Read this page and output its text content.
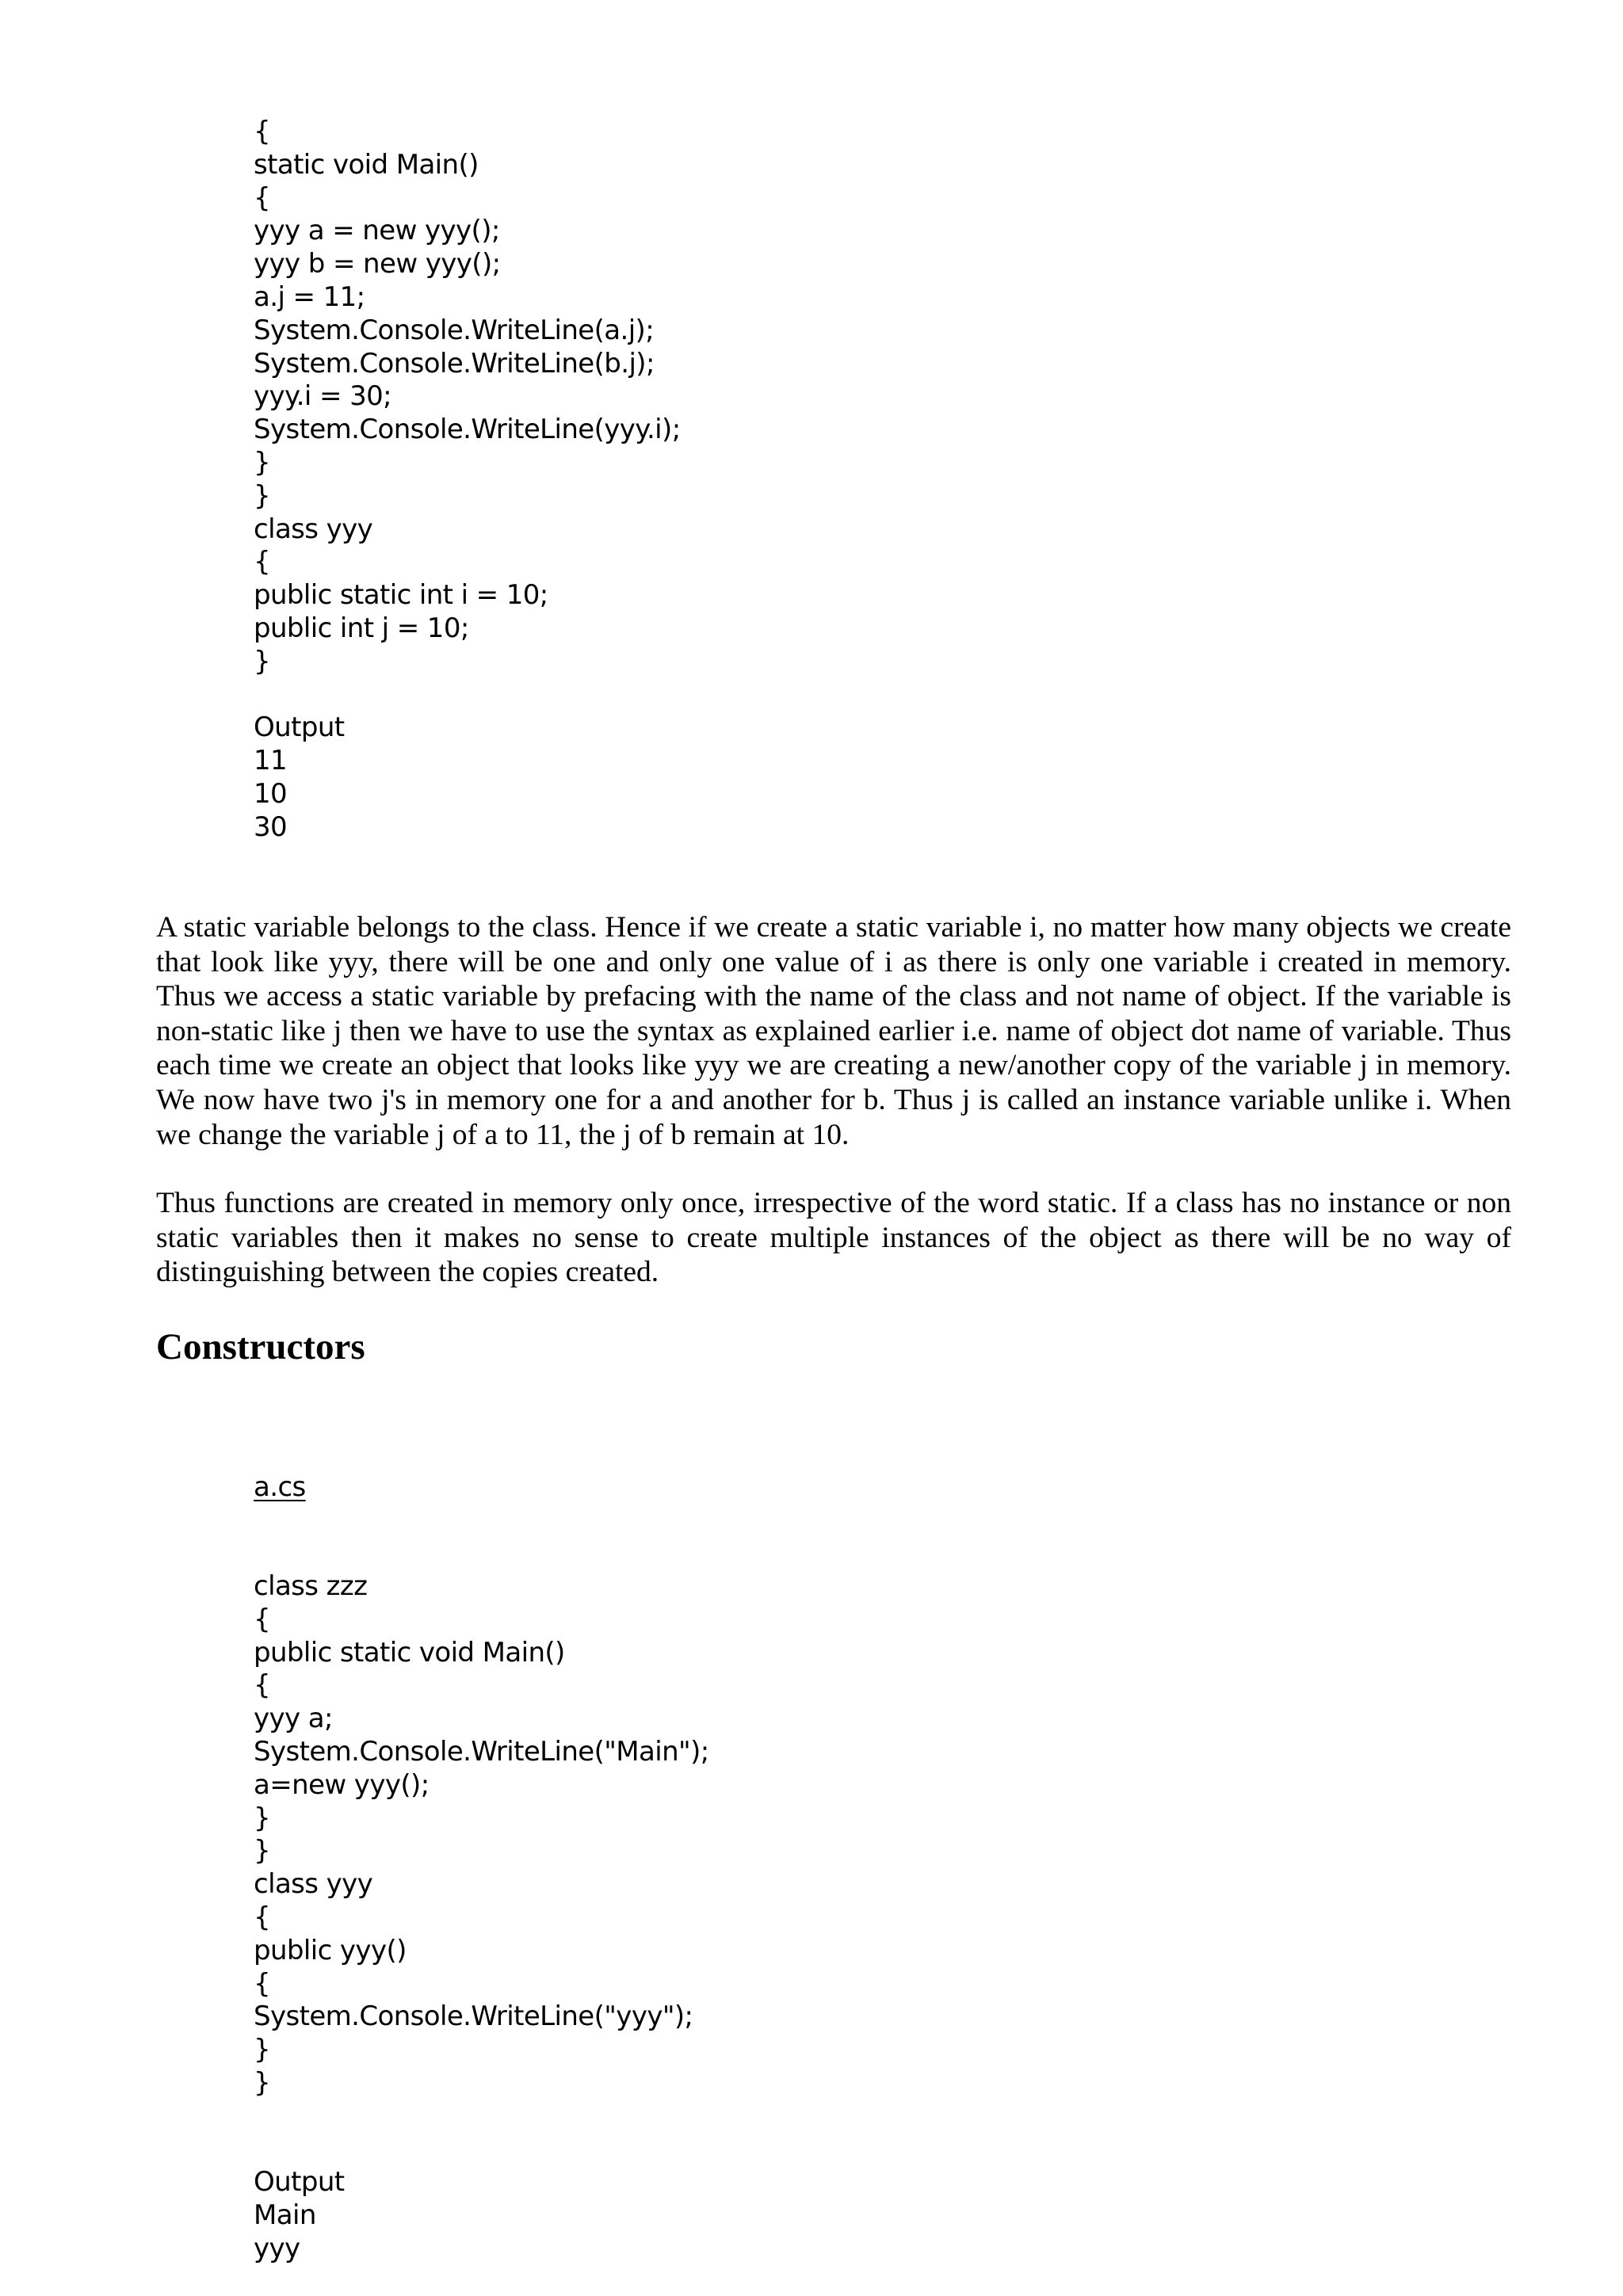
{
static void Main()
{
yyy a = new yyy();
yyy b = new yyy();
a.j = 11;
System.Console.WriteLine(a.j);
System.Console.WriteLine(b.j);
yyy.i = 30;
System.Console.WriteLine(yyy.i);
}
}
class yyy
{
public static int i = 10;
public int j = 10;
}
Output
11
10
30

A static variable belongs to the class. Hence if we create a static variable i, no matter how many objects we create that look like yyy, there will be one and only one value of i as there is only one variable i created in memory. Thus we access a static variable by prefacing with the name of the class and not name of object. If the variable is non-static like j then we have to use the syntax as explained earlier i.e. name of object dot name of variable. Thus each time we create an object that looks like yyy we are creating a new/another copy of the variable j in memory. We now have two j's in memory one for a and another for b. Thus j is called an instance variable unlike i. When we change the variable j of a to 11, the j of b remain at 10.

Thus functions are created in memory only once, irrespective of the word static. If a class has no instance or non static variables then it makes no sense to create multiple instances of the object as there will be no way of distinguishing between the copies created.

Constructors

a.cs

class zzz
{
public static void Main()
{
yyy a;
System.Console.WriteLine("Main");
a=new yyy();
}
}
class yyy
{
public yyy()
{
System.Console.WriteLine("yyy");
}
}
Output
Main
yyy
